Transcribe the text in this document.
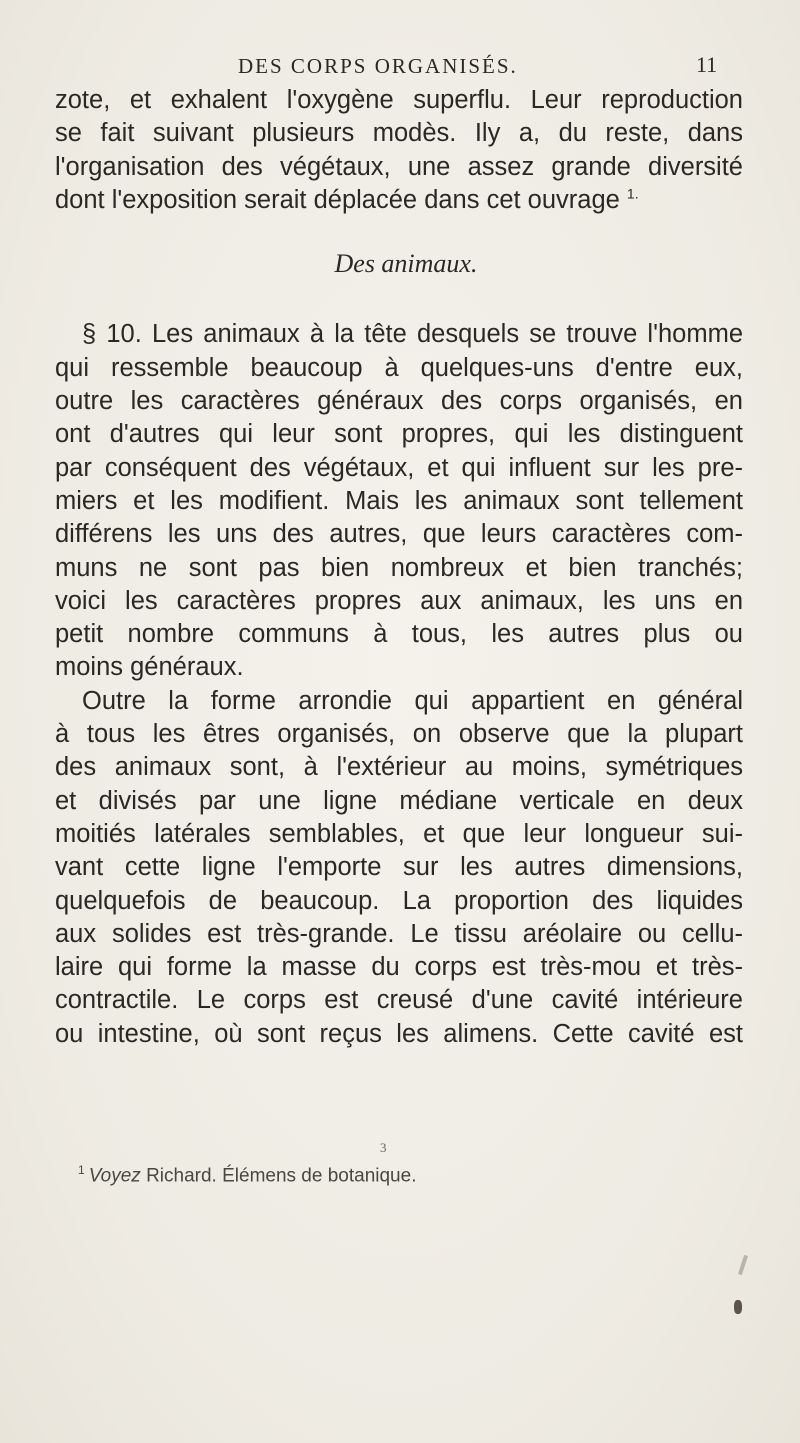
DES CORPS ORGANISÉS.	11
zote, et exhalent l'oxygène superflu. Leur reproduction
se fait suivant plusieurs modès. Ily a, du reste, dans
l'organisation des végétaux, une assez grande diversité
dont l'exposition serait déplacée dans cet ouvrage $^{1.}$
Des animaux.
§ 10. Les animaux à la tête desquels se trouve l'homme
qui ressemble beaucoup à quelques-uns d'entre eux,
outre les caractères généraux des corps organisés, en
ont d'autres qui leur sont propres, qui les distinguent
par conséquent des végétaux, et qui influent sur les pre-
miers et les modifient. Mais les animaux sont tellement
différens les uns des autres, que leurs caractères com-
muns ne sont pas bien nombreux et bien tranchés;
voici les caractères propres aux animaux, les uns en
petit nombre communs à tous, les autres plus ou
moins généraux.
Outre la forme arrondie qui appartient en général
à tous les êtres organisés, on observe que la plupart
des animaux sont, à l'extérieur au moins, symétriques
et divisés par une ligne médiane verticale en deux
moitiés latérales semblables, et que leur longueur sui-
vant cette ligne l'emporte sur les autres dimensions,
quelquefois de beaucoup. La proportion des liquides
aux solides est très-grande. Le tissu aréolaire ou cellu-
laire qui forme la masse du corps est très-mou et très-
contractile. Le corps est creusé d'une cavité intérieure
ou intestine, où sont reçus les alimens. Cette cavité est
3
$^1$ Voyez Richard. Élémens de botanique.
